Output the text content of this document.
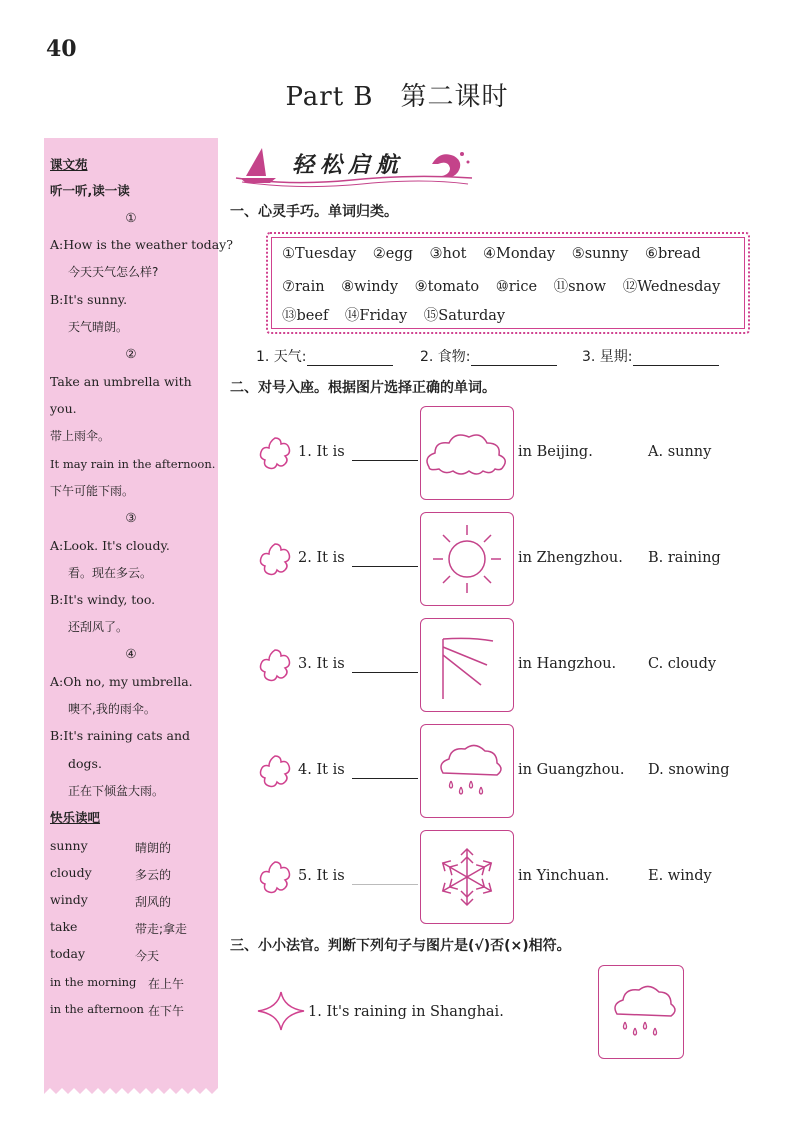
40
Part B　第二课时
课文苑
听一听,读一读
①
A:How is the weather today?
今天天气怎么样?
B:It's sunny.
天气晴朗。
②
Take an umbrella with
you.
带上雨伞。
It may rain in the afternoon.
下午可能下雨。
③
A:Look. It's cloudy.
看。现在多云。
B:It's windy, too.
还刮风了。
④
A:Oh no, my umbrella.
噢不,我的雨伞。
B:It's raining cats and
dogs.
正在下倾盆大雨。
快乐读吧
sunny	晴朗的
cloudy	多云的
windy	刮风的
take	带走;拿走
today	今天
in the morning 在上午
in the afternoon 在下午
轻松启航
一、心灵手巧。单词归类。
①Tuesday ②egg ③hot ④Monday ⑤sunny ⑥bread
⑦rain ⑧windy ⑨tomato ⑩rice ⑪snow ⑫Wednesday
⑬beef ⑭Friday ⑮Saturday
1. 天气:	2. 食物:	3. 星期:
二、对号入座。根据图片选择正确的单词。
1. It is	in Beijing.	A. sunny
2. It is	in Zhengzhou. B. raining
3. It is	in Hangzhou. C. cloudy
4. It is	in Guangzhou. D. snowing
5. It is	in Yinchuan.	E. windy
三、小小法官。判断下列句子与图片是(√)否(×)相符。
1. It's raining in Shanghai.
